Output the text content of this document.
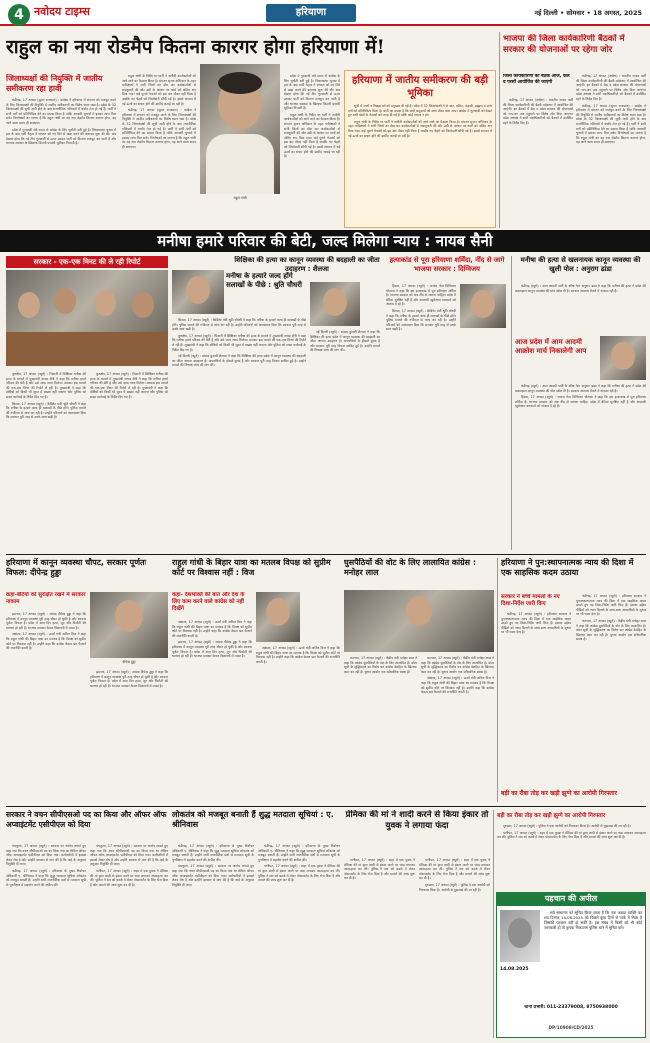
4 नवोदय टाइम्स	हरियाणा	नई दिल्ली • सोमवार • 18 अगस्त, 2025
राहुल का नया रोडमैप कितना कारगर होगा हरियाणा में!
जिलाध्यक्षों की नियुक्ति में जातीय समीकरण रहा हावी

चंडीगढ़, 17 अगस्त (सुमन राजपाल) : कांग्रेस ने हरियाणा में संगठन को मजबूत करने के लिए जिलाध्यक्षों की नियुक्ति में जातीय समीकरणों का विशेष ध्यान रखा है। प्रदेश के 32 जिलाध्यक्षों की सूची जारी होने के बाद राजनीतिक गलियारों में चर्चाएं तेज हो गई हैं। पार्टी ने सभी वर्गों को प्रतिनिधित्व देने का प्रयास किया है ताकि आगामी चुनावों में इसका लाभ मिल सके। विश्लेषकों का मानना है कि राहुल गांधी का यह नया रोडमैप कितना कारगर होगा, यह आने वाला समय ही बताएगा।

प्रदेश में गुटबाजी लंबे समय से कांग्रेस के लिए चुनौती बनी हुई है। विधानसभा चुनाव में हार के बाद पार्टी नेतृत्व ने संगठन को नए सिरे से खड़ा करने की कवायद शुरू की थी। अब देखना होगा कि नई टीम गुटबाजी से ऊपर उठकर पार्टी को कितना मजबूत कर पाती है और भाजपा सरकार के खिलाफ कितनी प्रभावी भूमिका निभाती है।

राहुल गांधी के निर्देश पर पार्टी ने जमीनी कार्यकर्ताओं को आगे लाने का फैसला किया है। संगठन सृजन अभियान के तहत पर्यवेक्षकों ने सभी जिलों का दौरा कर कार्यकर्ताओं से रायशुमारी की और उसी के आधार पर नामों को अंतिम रूप दिया गया। कई पुराने नेताओं को इस बार मौका नहीं मिला है जबकि नए चेहरों को जिम्मेदारी सौंपी गई है। इससे संगठन में नई ऊर्जा का संचार होने की उम्मीद जताई जा रही है।

चंडीगढ़, 17 अगस्त (सुमन राजपाल) : कांग्रेस ने हरियाणा में संगठन को मजबूत करने के लिए जिलाध्यक्षों की नियुक्ति में जातीय समीकरणों का विशेष ध्यान रखा है। प्रदेश के 32 जिलाध्यक्षों की सूची जारी होने के बाद राजनीतिक गलियारों में चर्चाएं तेज हो गई हैं। पार्टी ने सभी वर्गों को प्रतिनिधित्व देने का प्रयास किया है ताकि आगामी चुनावों में इसका लाभ मिल सके। विश्लेषकों का मानना है कि राहुल गांधी का यह नया रोडमैप कितना कारगर होगा, यह आने वाला समय ही बताएगा।

राहुल गांधी

प्रदेश में गुटबाजी लंबे समय से कांग्रेस के लिए चुनौती बनी हुई है। विधानसभा चुनाव में हार के बाद पार्टी नेतृत्व ने संगठन को नए सिरे से खड़ा करने की कवायद शुरू की थी। अब देखना होगा कि नई टीम गुटबाजी से ऊपर उठकर पार्टी को कितना मजबूत कर पाती है और भाजपा सरकार के खिलाफ कितनी प्रभावी भूमिका निभाती है।

राहुल गांधी के निर्देश पर पार्टी ने जमीनी कार्यकर्ताओं को आगे लाने का फैसला किया है। संगठन सृजन अभियान के तहत पर्यवेक्षकों ने सभी जिलों का दौरा कर कार्यकर्ताओं से रायशुमारी की और उसी के आधार पर नामों को अंतिम रूप दिया गया। कई पुराने नेताओं को इस बार मौका नहीं मिला है जबकि नए चेहरों को जिम्मेदारी सौंपी गई है। इससे संगठन में नई ऊर्जा का संचार होने की उम्मीद जताई जा रही है।

हरियाणा में जातीय समीकरण की बड़ी भूमिका

सूची में जाटों व पिछड़ा वर्ग को प्रमुखता दी गई है। प्रदेश में 32 जिलाध्यक्षों में से जाट, दलित, पंजाबी, ब्राह्मण व अन्य वर्गों को प्रतिनिधित्व मिला है। पार्टी का प्रयास है कि सभी समुदायों को साथ लेकर चला जाए। कांग्रेस में गुटबाजी को देखते हुए सभी खेमों के नेताओं को जगह दी गई है ताकि कोई नाराज न हो।

राहुल गांधी के निर्देश पर पार्टी ने जमीनी कार्यकर्ताओं को आगे लाने का फैसला किया है। संगठन सृजन अभियान के तहत पर्यवेक्षकों ने सभी जिलों का दौरा कर कार्यकर्ताओं से रायशुमारी की और उसी के आधार पर नामों को अंतिम रूप दिया गया। कई पुराने नेताओं को इस बार मौका नहीं मिला है जबकि नए चेहरों को जिम्मेदारी सौंपी गई है। इससे संगठन में नई ऊर्जा का संचार होने की उम्मीद जताई जा रही है।

भाजपा की जिला कार्यकारिणी बैठकों में सरकार की योजनाओं पर रहेगा जोर
जिला कार्यकारिणी की बैठक आज, कल व परसों आयोजित की जाएंगी

चंडीगढ़, 17 अगस्त (अर्चना) : भारतीय जनता पार्टी की जिला कार्यकारिणी की बैठकें प्रदेशभर में आयोजित की जाएंगी। इन बैठकों में केंद्र व प्रदेश सरकार की योजनाओं को जन-जन तक पहुंचाने पर विशेष जोर दिया जाएगा। प्रदेश अध्यक्ष ने सभी पदाधिकारियों को बैठकों में उपस्थित रहने के निर्देश दिए हैं।

चंडीगढ़, 17 अगस्त (अर्चना) : भारतीय जनता पार्टी की जिला कार्यकारिणी की बैठकें प्रदेशभर में आयोजित की जाएंगी। इन बैठकों में केंद्र व प्रदेश सरकार की योजनाओं को जन-जन तक पहुंचाने पर विशेष जोर दिया जाएगा। प्रदेश अध्यक्ष ने सभी पदाधिकारियों को बैठकों में उपस्थित रहने के निर्देश दिए हैं।

चंडीगढ़, 17 अगस्त (सुमन राजपाल) : कांग्रेस ने हरियाणा में संगठन को मजबूत करने के लिए जिलाध्यक्षों की नियुक्ति में जातीय समीकरणों का विशेष ध्यान रखा है। प्रदेश के 32 जिलाध्यक्षों की सूची जारी होने के बाद राजनीतिक गलियारों में चर्चाएं तेज हो गई हैं। पार्टी ने सभी वर्गों को प्रतिनिधित्व देने का प्रयास किया है ताकि आगामी चुनावों में इसका लाभ मिल सके। विश्लेषकों का मानना है कि राहुल गांधी का यह नया रोडमैप कितना कारगर होगा, यह आने वाला समय ही बताएगा।

मनीषा हमारे परिवार की बेटी, जल्द मिलेगा न्याय : नायब सैनी
सरकार - एक-एक मिनट की ले रही रिपोर्ट

कुरुक्षेत्र, 17 अगस्त (ब्यूरो) : भिवानी में शिक्षिका मनीषा की हत्या के मामले में मुख्यमंत्री नायब सैनी ने कहा कि मनीषा हमारे परिवार की बेटी है और उसे जल्द न्याय मिलेगा। सरकार इस मामले की एक-एक मिनट की रिपोर्ट ले रही है। मुख्यमंत्री ने कहा कि दोषियों को किसी भी सूरत में बख्शा नहीं जाएगा और पुलिस को सख्त कार्रवाई के निर्देश दिए गए हैं।

सिरसा, 17 अगस्त (ब्यूरो) : कैबिनेट मंत्री श्रुति चौधरी ने कहा कि मनीषा के हत्यारे जल्द ही सलाखों के पीछे होंगे। पुलिस मामले की गंभीरता से जांच कर रही है। उन्होंने परिजनों को आश्वासन दिया कि सरकार पूरी तरह से उनके साथ खड़ी है।

कुरुक्षेत्र, 17 अगस्त (ब्यूरो) : भिवानी में शिक्षिका मनीषा की हत्या के मामले में मुख्यमंत्री नायब सैनी ने कहा कि मनीषा हमारे परिवार की बेटी है और उसे जल्द न्याय मिलेगा। सरकार इस मामले की एक-एक मिनट की रिपोर्ट ले रही है। मुख्यमंत्री ने कहा कि दोषियों को किसी भी सूरत में बख्शा नहीं जाएगा और पुलिस को सख्त कार्रवाई के निर्देश दिए गए हैं।

मनीषा के हत्यारे जल्द होंगे सलाखों के पीछे : श्रुति चौधरी

सिरसा, 17 अगस्त (ब्यूरो) : कैबिनेट मंत्री श्रुति चौधरी ने कहा कि मनीषा के हत्यारे जल्द ही सलाखों के पीछे होंगे। पुलिस मामले की गंभीरता से जांच कर रही है। उन्होंने परिजनों को आश्वासन दिया कि सरकार पूरी तरह से उनके साथ खड़ी है।

कुरुक्षेत्र, 17 अगस्त (ब्यूरो) : भिवानी में शिक्षिका मनीषा की हत्या के मामले में मुख्यमंत्री नायब सैनी ने कहा कि मनीषा हमारे परिवार की बेटी है और उसे जल्द न्याय मिलेगा। सरकार इस मामले की एक-एक मिनट की रिपोर्ट ले रही है। मुख्यमंत्री ने कहा कि दोषियों को किसी भी सूरत में बख्शा नहीं जाएगा और पुलिस को सख्त कार्रवाई के निर्देश दिए गए हैं।

नई दिल्ली (ब्यूरो) : सांसद कुमारी शैलजा ने कहा कि शिक्षिका की हत्या प्रदेश में कानून व्यवस्था की बदहाली का जीता जागता उदाहरण है। अपराधियों के हौसले बुलंद हैं और सरकार पूरी तरह विफल साबित हुई है। उन्होंने मामले की निष्पक्ष जांच की मांग की।

शिक्षिका की हत्या का कानून व्यवस्था की बदहाली का जीता उदाहरण : शैलजा

नई दिल्ली (ब्यूरो) : सांसद कुमारी शैलजा ने कहा कि शिक्षिका की हत्या प्रदेश में कानून व्यवस्था की बदहाली का जीता जागता उदाहरण है। अपराधियों के हौसले बुलंद हैं और सरकार पूरी तरह विफल साबित हुई है। उन्होंने मामले की निष्पक्ष जांच की मांग की।

हत्याकांड से पूरा हरियाणा शर्मिंदा, नींद से जागे भाजपा सरकार : दिग्विजय

हिसार, 17 अगस्त (ब्यूरो) : जजपा नेता दिग्विजय चौटाला ने कहा कि इस हत्याकांड से पूरा हरियाणा शर्मिंदा है। भाजपा सरकार को अब नींद से जागना चाहिए। प्रदेश में बेटियां सुरक्षित नहीं हैं और अपराधी खुलेआम वारदातों को अंजाम दे रहे हैं।

सिरसा, 17 अगस्त (ब्यूरो) : कैबिनेट मंत्री श्रुति चौधरी ने कहा कि मनीषा के हत्यारे जल्द ही सलाखों के पीछे होंगे। पुलिस मामले की गंभीरता से जांच कर रही है। उन्होंने परिजनों को आश्वासन दिया कि सरकार पूरी तरह से उनके साथ खड़ी है।

मनीषा की हत्या से खलनायक कानून व्यवस्था की खुली पोल : अनुराग ढांडा

चंडीगढ़ (ब्यूरो) : आम आदमी पार्टी के वरिष्ठ नेता अनुराग ढांडा ने कहा कि मनीषा की हत्या ने प्रदेश की खस्ताहाल कानून व्यवस्था की पोल खोल दी है। सरकार अपराध रोकने में नाकाम रही है।

आज प्रदेश में आम आदमी आक्रोश मार्च निकालेगी आप

चंडीगढ़ (ब्यूरो) : आम आदमी पार्टी के वरिष्ठ नेता अनुराग ढांडा ने कहा कि मनीषा की हत्या ने प्रदेश की खस्ताहाल कानून व्यवस्था की पोल खोल दी है। सरकार अपराध रोकने में नाकाम रही है।

हिसार, 17 अगस्त (ब्यूरो) : जजपा नेता दिग्विजय चौटाला ने कहा कि इस हत्याकांड से पूरा हरियाणा शर्मिंदा है। भाजपा सरकार को अब नींद से जागना चाहिए। प्रदेश में बेटियां सुरक्षित नहीं हैं और अपराधी खुलेआम वारदातों को अंजाम दे रहे हैं।

हरियाणा में कानून व्यवस्था चौपट, सरकार पूर्णतः विफल: दीपेन्द्र हुड्डा
कहा-बेटियों को सुरक्षित रखने में सरकार नाकाम

झज्जर, 17 अगस्त (ब्यूरो) : सांसद दीपेन्द्र हुड्डा ने कहा कि हरियाणा में कानून व्यवस्था पूरी तरह चौपट हो चुकी है और सरकार पूर्णतः विफल है। प्रदेश में आए दिन हत्या, लूट और फिरौती की घटनाएं हो रही हैं। भाजपा सरकार केवल विज्ञापनों में व्यस्त है।

अंबाला, 17 अगस्त (ब्यूरो) : ऊर्जा मंत्री अनिल विज ने कहा कि राहुल गांधी की बिहार यात्रा का मतलब है कि विपक्ष को सुप्रीम कोर्ट पर विश्वास नहीं है। उन्होंने कहा कि कांग्रेस केवल भ्रम फैलाने की राजनीति करती है।

दीपेन्द्र हुड्डा

झज्जर, 17 अगस्त (ब्यूरो) : सांसद दीपेन्द्र हुड्डा ने कहा कि हरियाणा में कानून व्यवस्था पूरी तरह चौपट हो चुकी है और सरकार पूर्णतः विफल है। प्रदेश में आए दिन हत्या, लूट और फिरौती की घटनाएं हो रही हैं। भाजपा सरकार केवल विज्ञापनों में व्यस्त है।

राहुल गांधी के बिहार यात्रा का मतलब विपक्ष को सुप्रीम कोर्ट पर विश्वास नहीं : विज
कहा- देशभक्ति की बात और देश के लिए काम करने वाले कांग्रेस को नहीं दिखेंगे

अंबाला, 17 अगस्त (ब्यूरो) : ऊर्जा मंत्री अनिल विज ने कहा कि राहुल गांधी की बिहार यात्रा का मतलब है कि विपक्ष को सुप्रीम कोर्ट पर विश्वास नहीं है। उन्होंने कहा कि कांग्रेस केवल भ्रम फैलाने की राजनीति करती है।

झज्जर, 17 अगस्त (ब्यूरो) : सांसद दीपेन्द्र हुड्डा ने कहा कि हरियाणा में कानून व्यवस्था पूरी तरह चौपट हो चुकी है और सरकार पूर्णतः विफल है। प्रदेश में आए दिन हत्या, लूट और फिरौती की घटनाएं हो रही हैं। भाजपा सरकार केवल विज्ञापनों में व्यस्त है।

अंबाला, 17 अगस्त (ब्यूरो) : ऊर्जा मंत्री अनिल विज ने कहा कि राहुल गांधी की बिहार यात्रा का मतलब है कि विपक्ष को सुप्रीम कोर्ट पर विश्वास नहीं है। उन्होंने कहा कि कांग्रेस केवल भ्रम फैलाने की राजनीति करती है।

घुसपैठियों की वोट के लिए लालायित कांग्रेस : मनोहर लाल

करनाल, 17 अगस्त (ब्यूरो) : केंद्रीय मंत्री मनोहर लाल ने कहा कि कांग्रेस घुसपैठियों के वोट के लिए लालायित है। वोटर सूची के शुद्धिकरण का विरोध कर कांग्रेस देशहित के खिलाफ काम कर रही है। चुनाव आयोग एक संवैधानिक संस्था है।

करनाल, 17 अगस्त (ब्यूरो) : केंद्रीय मंत्री मनोहर लाल ने कहा कि कांग्रेस घुसपैठियों के वोट के लिए लालायित है। वोटर सूची के शुद्धिकरण का विरोध कर कांग्रेस देशहित के खिलाफ काम कर रही है। चुनाव आयोग एक संवैधानिक संस्था है।

अंबाला, 17 अगस्त (ब्यूरो) : ऊर्जा मंत्री अनिल विज ने कहा कि राहुल गांधी की बिहार यात्रा का मतलब है कि विपक्ष को सुप्रीम कोर्ट पर विश्वास नहीं है। उन्होंने कहा कि कांग्रेस केवल भ्रम फैलाने की राजनीति करती है।

हरियाणा ने पुन:स्थापनात्मक न्याय की दिशा में एक साहसिक कदम उठाया
सरकार ने बच्चे मामलों के नए दिशा-निर्देश जारी किए

चंडीगढ़, 17 अगस्त (ब्यूरो) : हरियाणा सरकार ने पुनःस्थापनात्मक न्याय की दिशा में एक साहसिक कदम उठाते हुए नए दिशा-निर्देश जारी किए हैं। इसका उद्देश्य पीड़ितों को न्याय दिलाने के साथ-साथ अपराधियों के सुधार पर भी ध्यान देना है।

चंडीगढ़, 17 अगस्त (ब्यूरो) : हरियाणा सरकार ने पुनःस्थापनात्मक न्याय की दिशा में एक साहसिक कदम उठाते हुए नए दिशा-निर्देश जारी किए हैं। इसका उद्देश्य पीड़ितों को न्याय दिलाने के साथ-साथ अपराधियों के सुधार पर भी ध्यान देना है।

करनाल, 17 अगस्त (ब्यूरो) : केंद्रीय मंत्री मनोहर लाल ने कहा कि कांग्रेस घुसपैठियों के वोट के लिए लालायित है। वोटर सूची के शुद्धिकरण का विरोध कर कांग्रेस देशहित के खिलाफ काम कर रही है। चुनाव आयोग एक संवैधानिक संस्था है।

बड़ी का रौबा तोड़ कर खड़ी झुग्गे का आरोपी गिरफ्तार
सरकार ने वचन सीपीएसओ पद का किया और ऑफर ऑफ अप्वाइंटमेंट एसीपीएल को दिया

पंचकूला, 17 अगस्त (ब्यूरो) : सरकार पर आरोप लगाते हुए कहा गया कि वचन सीपीएसओ पद का किया गया था लेकिन ऑफर ऑफ अप्वाइंटमेंट एसीपीएल को दिया गया। कर्मचारियों में इसको लेकर रोष है और उन्होंने सरकार से मांग की है कि वादे के अनुसार नियुक्ति दी जाए।

चंडीगढ़, 17 अगस्त (ब्यूरो) : हरियाणा के मुख्य निर्वाचन अधिकारी ए. श्रीनिवास ने कहा कि शुद्ध मतदाता सूचियां लोकतंत्र को मजबूत बनाती हैं। उन्होंने सभी राजनीतिक दलों से मतदाता सूची के पुनरीक्षण में सहयोग करने की अपील की।

पंचकूला, 17 अगस्त (ब्यूरो) : सरकार पर आरोप लगाते हुए कहा गया कि वचन सीपीएसओ पद का किया गया था लेकिन ऑफर ऑफ अप्वाइंटमेंट एसीपीएल को दिया गया। कर्मचारियों में इसको लेकर रोष है और उन्होंने सरकार से मांग की है कि वादे के अनुसार नियुक्ति दी जाए।

पानीपत, 17 अगस्त (ब्यूरो) : शहर में एक युवक ने प्रेमिका की मां द्वारा शादी से इंकार करने पर फंदा लगाकर आत्महत्या कर ली। पुलिस ने शव को कब्जे में लेकर पोस्टमार्टम के लिए भेज दिया है और मामले की जांच शुरू कर दी है।

लोकतंत्र को मजबूत बनाती हैं शुद्ध मतदाता सूचियां : ए. श्रीनिवास

चंडीगढ़, 17 अगस्त (ब्यूरो) : हरियाणा के मुख्य निर्वाचन अधिकारी ए. श्रीनिवास ने कहा कि शुद्ध मतदाता सूचियां लोकतंत्र को मजबूत बनाती हैं। उन्होंने सभी राजनीतिक दलों से मतदाता सूची के पुनरीक्षण में सहयोग करने की अपील की।

पंचकूला, 17 अगस्त (ब्यूरो) : सरकार पर आरोप लगाते हुए कहा गया कि वचन सीपीएसओ पद का किया गया था लेकिन ऑफर ऑफ अप्वाइंटमेंट एसीपीएल को दिया गया। कर्मचारियों में इसको लेकर रोष है और उन्होंने सरकार से मांग की है कि वादे के अनुसार नियुक्ति दी जाए।

चंडीगढ़, 17 अगस्त (ब्यूरो) : हरियाणा के मुख्य निर्वाचन अधिकारी ए. श्रीनिवास ने कहा कि शुद्ध मतदाता सूचियां लोकतंत्र को मजबूत बनाती हैं। उन्होंने सभी राजनीतिक दलों से मतदाता सूची के पुनरीक्षण में सहयोग करने की अपील की।

पानीपत, 17 अगस्त (ब्यूरो) : शहर में एक युवक ने प्रेमिका की मां द्वारा शादी से इंकार करने पर फंदा लगाकर आत्महत्या कर ली। पुलिस ने शव को कब्जे में लेकर पोस्टमार्टम के लिए भेज दिया है और मामले की जांच शुरू कर दी है।

प्रेमिका की मां ने शादी करने से किया इंकार तो युवक ने लगाया फंदा

पानीपत, 17 अगस्त (ब्यूरो) : शहर में एक युवक ने प्रेमिका की मां द्वारा शादी से इंकार करने पर फंदा लगाकर आत्महत्या कर ली। पुलिस ने शव को कब्जे में लेकर पोस्टमार्टम के लिए भेज दिया है और मामले की जांच शुरू कर दी है।

पानीपत, 17 अगस्त (ब्यूरो) : शहर में एक युवक ने प्रेमिका की मां द्वारा शादी से इंकार करने पर फंदा लगाकर आत्महत्या कर ली। पुलिस ने शव को कब्जे में लेकर पोस्टमार्टम के लिए भेज दिया है और मामले की जांच शुरू कर दी है।

गुरुग्राम, 17 अगस्त (ब्यूरो) : पुलिस ने एक आरोपी को गिरफ्तार किया है। आरोपी से पूछताछ की जा रही है।

बड़ी का रौबा तोड़ कर खड़ी झुग्गे का आरोपी गिरफ्तार

गुरुग्राम, 17 अगस्त (ब्यूरो) : पुलिस ने एक आरोपी को गिरफ्तार किया है। आरोपी से पूछताछ की जा रही है।

पानीपत, 17 अगस्त (ब्यूरो) : शहर में एक युवक ने प्रेमिका की मां द्वारा शादी से इंकार करने पर फंदा लगाकर आत्महत्या कर ली। पुलिस ने शव को कब्जे में लेकर पोस्टमार्टम के लिए भेज दिया है और मामले की जांच शुरू कर दी है।

पहचान की अपील

सर्व साधारण को सूचित किया जाता है कि एक अज्ञात व्यक्ति का शव दिनांक 14.08.2025 को पिछले कुछ दिनों से पार्क में मिला है जिसकी पहचान नहीं हो सकी है। इस संबंध में किसी को भी कोई जानकारी हो तो कृपया निकटतम पुलिस थाने में सूचित करें।

14.08.2025
थाना प्रभारी: 011-23379008, 8750938000
DP/10908/CD/2025
